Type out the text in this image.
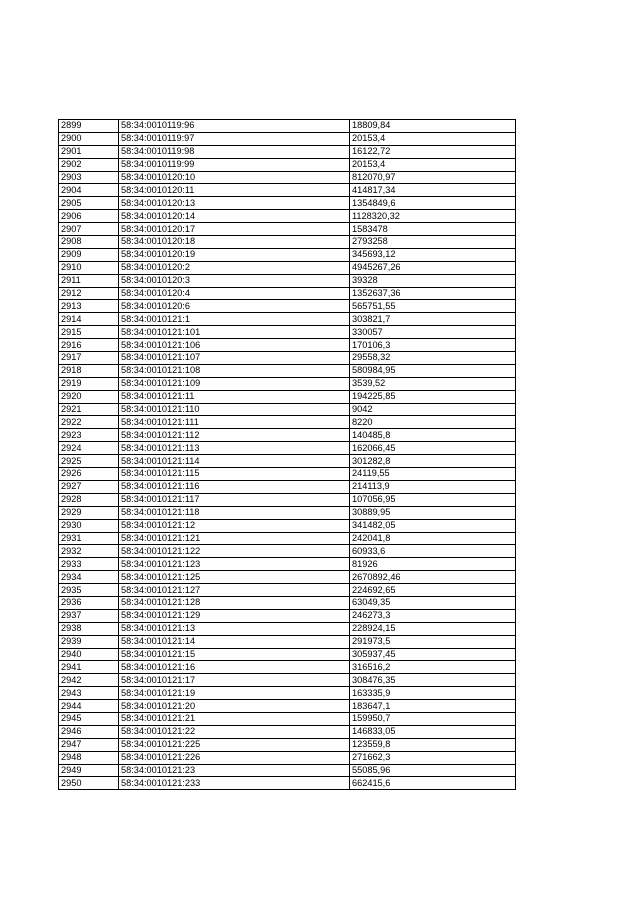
2899	58:34:0010119:96	18809,84
2900	58:34:0010119:97	20153,4
2901	58:34:0010119:98	16122,72
2902	58:34:0010119:99	20153,4
2903	58:34:0010120:10	812070,97
2904	58:34:0010120:11	414817,34
2905	58:34:0010120:13	1354849,6
2906	58:34:0010120:14	1128320,32
2907	58:34:0010120:17	1583478
2908	58:34:0010120:18	2793258
2909	58:34:0010120:19	345693,12
2910	58:34:0010120:2	4945267,26
2911	58:34:0010120:3	39328
2912	58:34:0010120:4	1352637,36
2913	58:34:0010120:6	565751,55
2914	58:34:0010121:1	303821,7
2915	58:34:0010121:101	330057
2916	58:34:0010121:106	170106,3
2917	58:34:0010121:107	29558,32
2918	58:34:0010121:108	580984,95
2919	58:34:0010121:109	3539,52
2920	58:34:0010121:11	194225,85
2921	58:34:0010121:110	9042
2922	58:34:0010121:111	8220
2923	58:34:0010121:112	140485,8
2924	58:34:0010121:113	162066,45
2925	58:34:0010121:114	301282,8
2926	58:34:0010121:115	24119,55
2927	58:34:0010121:116	214113,9
2928	58:34:0010121:117	107056,95
2929	58:34:0010121:118	30889,95
2930	58:34:0010121:12	341482,05
2931	58:34:0010121:121	242041,8
2932	58:34:0010121:122	60933,6
2933	58:34:0010121:123	81926
2934	58:34:0010121:125	2670892,46
2935	58:34:0010121:127	224692,65
2936	58:34:0010121:128	63049,35
2937	58:34:0010121:129	246273,3
2938	58:34:0010121:13	228924,15
2939	58:34:0010121:14	291973,5
2940	58:34:0010121:15	305937,45
2941	58:34:0010121:16	316516,2
2942	58:34:0010121:17	308476,35
2943	58:34:0010121:19	163335,9
2944	58:34:0010121:20	183647,1
2945	58:34:0010121:21	159950,7
2946	58:34:0010121:22	146833,05
2947	58:34:0010121:225	123559,8
2948	58:34:0010121:226	271662,3
2949	58:34:0010121:23	55085,96
2950	58:34:0010121:233	662415,6
